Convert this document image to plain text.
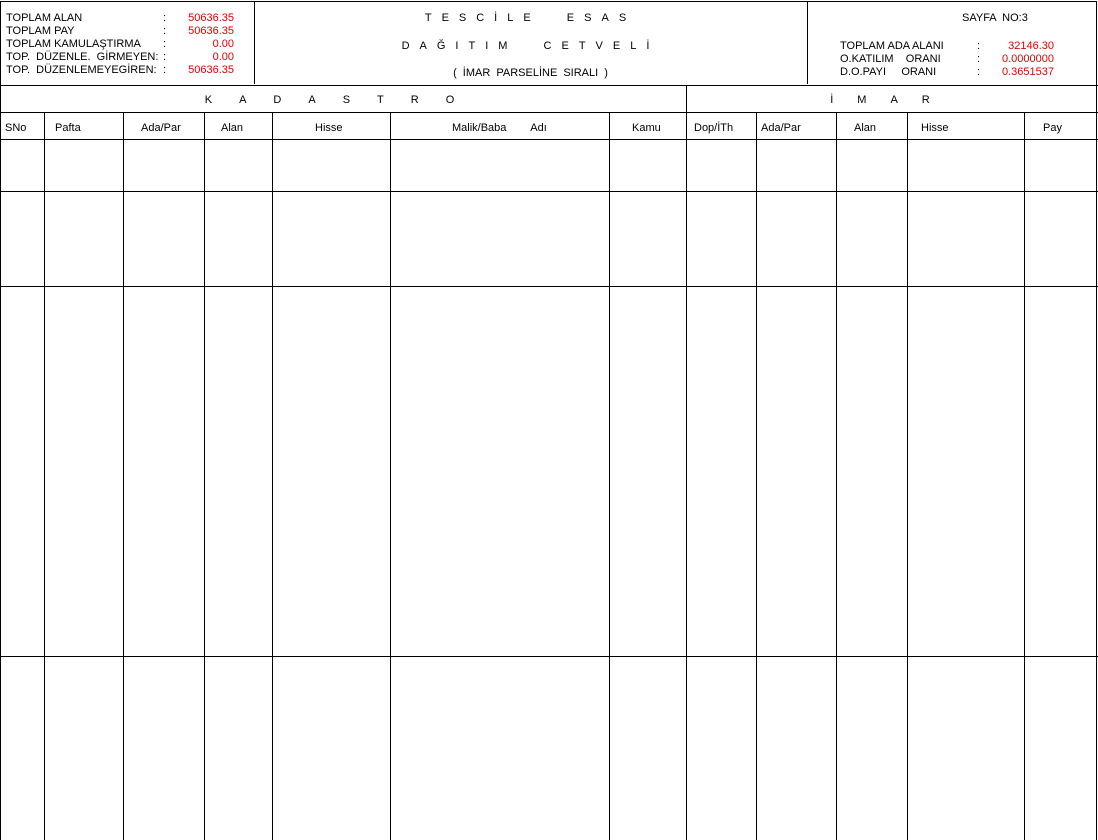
TOPLAM ALAN	:	50636.35
TOPLAM PAY	:	50636.35
TOPLAM KAMULAŞTIRMA :	0.00
TOP.  DÜZENLE.  GİRMEYEN: :	0.00
TOP.  DÜZENLEMEYEGİREN: :	50636.35
TESCİLE  ESAS
DAĞITIM  CETVELİ
( İMAR PARSELİNE SIRALI )
SAYFA  NO:3
TOPLAM ADA ALANI	:	32146.30
O.KATILIM    ORANI	:	0.0000000
D.O.PAYI     ORANI	:	0.3651537
KADASTRO	İMAR
SNo	Pafta	Ada/Par	Alan	Hisse	Malik/Baba        Adı	Kamu	Dop/İTh	Ada/Par	Alan	Hisse	Pay
